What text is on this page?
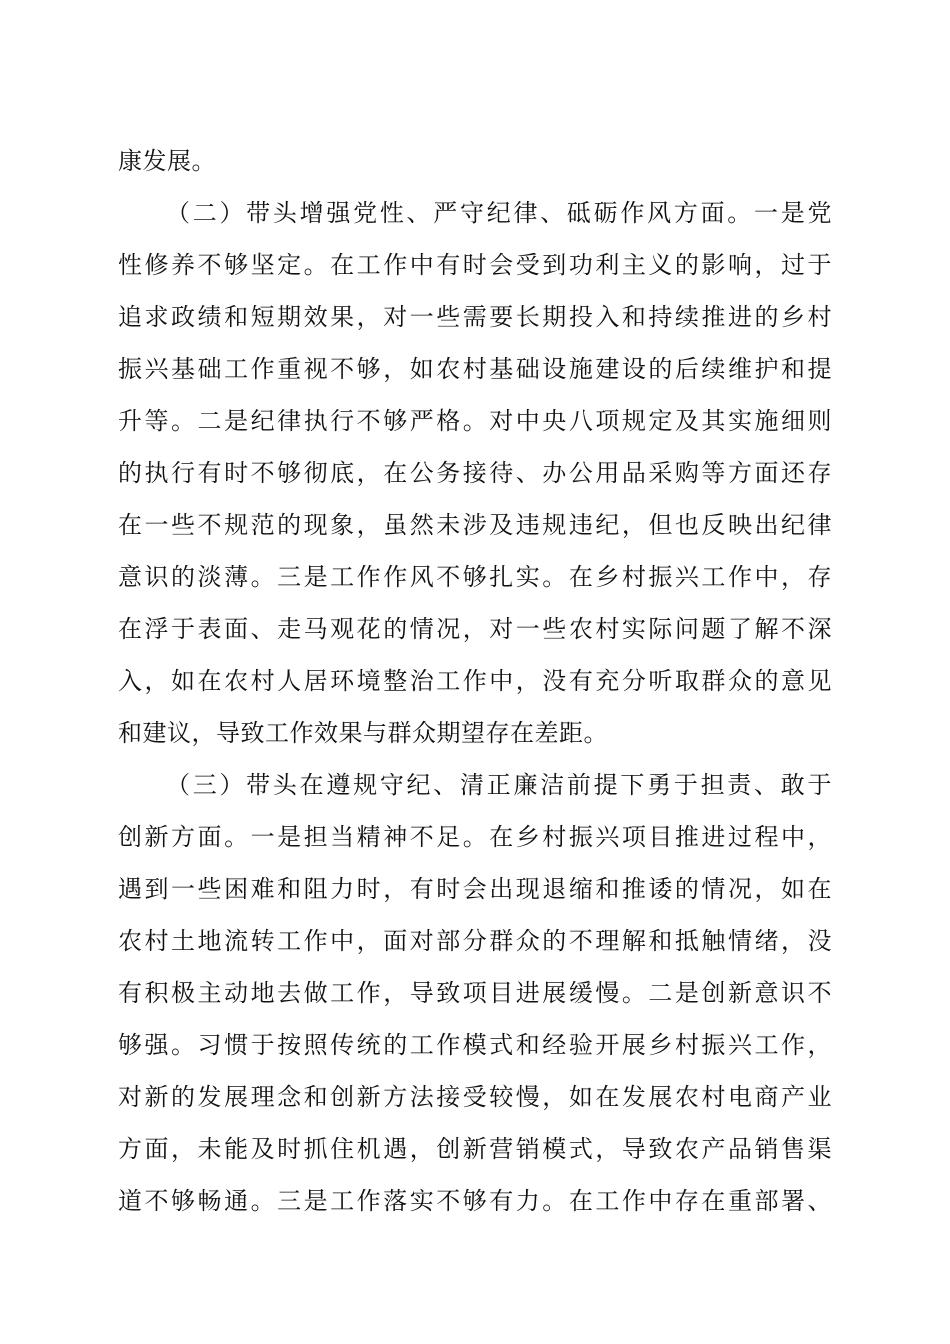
康发展。
（二）带头增强党性、严守纪律、砥砺作风方面。一是党
性修养不够坚定。在工作中有时会受到功利主义的影响，过于
追求政绩和短期效果，对一些需要长期投入和持续推进的乡村
振兴基础工作重视不够，如农村基础设施建设的后续维护和提
升等。二是纪律执行不够严格。对中央八项规定及其实施细则
的执行有时不够彻底，在公务接待、办公用品采购等方面还存
在一些不规范的现象，虽然未涉及违规违纪，但也反映出纪律
意识的淡薄。三是工作作风不够扎实。在乡村振兴工作中，存
在浮于表面、走马观花的情况，对一些农村实际问题了解不深
入，如在农村人居环境整治工作中，没有充分听取群众的意见
和建议，导致工作效果与群众期望存在差距。
（三）带头在遵规守纪、清正廉洁前提下勇于担责、敢于
创新方面。一是担当精神不足。在乡村振兴项目推进过程中，
遇到一些困难和阻力时，有时会出现退缩和推诿的情况，如在
农村土地流转工作中，面对部分群众的不理解和抵触情绪，没
有积极主动地去做工作，导致项目进展缓慢。二是创新意识不
够强。习惯于按照传统的工作模式和经验开展乡村振兴工作，
对新的发展理念和创新方法接受较慢，如在发展农村电商产业
方面，未能及时抓住机遇，创新营销模式，导致农产品销售渠
道不够畅通。三是工作落实不够有力。在工作中存在重部署、
